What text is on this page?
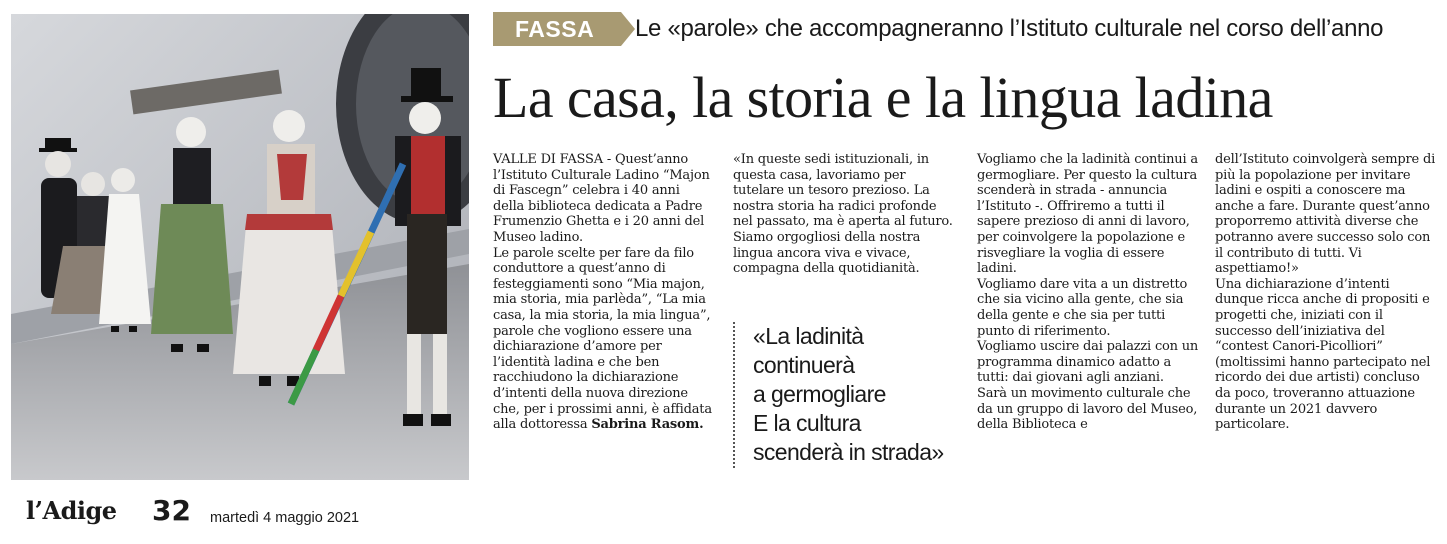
FASSA	Le «parole» che accompagneranno l’Istituto culturale nel corso dell’anno
La casa, la storia e la lingua ladina

VALLE DI FASSA - Quest’anno l’Istituto Culturale Ladino “Majon di Fascegn” celebra i 40 anni della biblioteca dedicata a Padre Frumenzio Ghetta e i 20 anni del Museo ladino.

Le parole scelte per fare da filo conduttore a quest’anno di festeggiamenti sono “Mia majon, mia storia, mia parlèda”, “La mia casa, la mia storia, la mia lingua”, parole che vogliono essere una dichiarazione d’amore per l’identità ladina e che ben racchiudono la dichiarazione d’intenti della nuova direzione che, per i prossimi anni, è affidata alla dottoressa Sabrina Rasom.

«In queste sedi istituzionali, in questa casa, lavoriamo per tutelare un tesoro prezioso. La nostra storia ha radici profonde nel passato, ma è aperta al futuro. Siamo orgogliosi della nostra lingua ancora viva e vivace, compagna della quotidianità.

«La ladinità
continuerà
a germogliare
E la cultura
scenderà in strada»

Vogliamo che la ladinità continui a germogliare. Per questo la cultura scenderà in strada - annuncia l’Istituto -. Offriremo a tutti il sapere prezioso di anni di lavoro, per coinvolgere la popolazione e risvegliare la voglia di essere ladini.

Vogliamo dare vita a un distretto che sia vicino alla gente, che sia della gente e che sia per tutti punto di riferimento.

Vogliamo uscire dai palazzi con un programma dinamico adatto a tutti: dai giovani agli anziani.

Sarà un movimento culturale che da un gruppo di lavoro del Museo, della Biblioteca e

dell’Istituto coinvolgerà sempre di più la popolazione per invitare ladini e ospiti a conoscere ma anche a fare. Durante quest’anno proporremo attività diverse che potranno avere successo solo con il contributo di tutti. Vi aspettiamo!»

Una dichiarazione d’intenti dunque ricca anche di propositi e progetti che, iniziati con il successo dell’iniziativa del “contest Canori-Picolliori” (moltissimi hanno partecipato nel ricordo dei due artisti) concluso da poco, troveranno attuazione durante un 2021 davvero particolare.

l’Adige 32 martedì 4 maggio 2021
